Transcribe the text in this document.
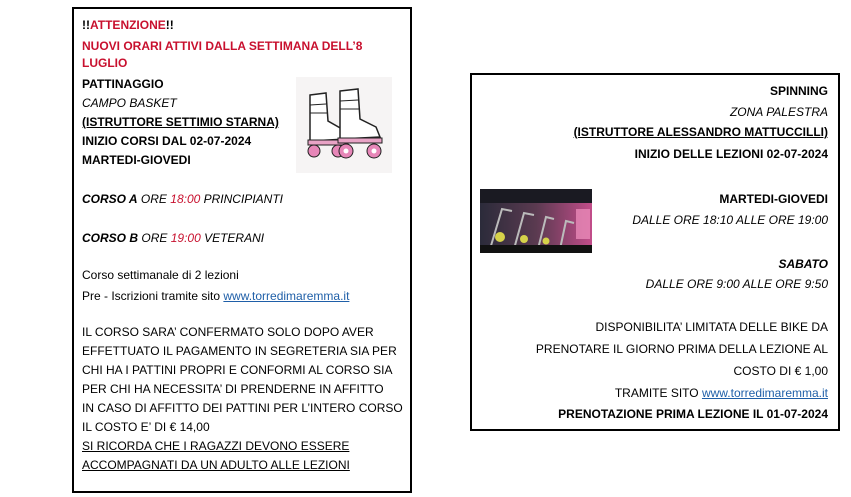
!!ATTENZIONE!!
NUOVI ORARI ATTIVI DALLA SETTIMANA DELL’8
LUGLIO
PATTINAGGIO
CAMPO BASKET
(ISTRUTTORE SETTIMIO STARNA)
INIZIO CORSI DAL 02-07-2024
MARTEDI-GIOVEDI
CORSO A ORE 18:00 PRINCIPIANTI
CORSO B ORE 19:00 VETERANI
Corso settimanale di 2 lezioni
Pre - Iscrizioni tramite sito www.torredimaremma.it
IL CORSO SARA’ CONFERMATO SOLO DOPO AVER
EFFETTUATO IL PAGAMENTO IN SEGRETERIA SIA PER
CHI HA I PATTINI PROPRI E CONFORMI AL CORSO SIA
PER CHI HA NECESSITA’ DI PRENDERNE IN AFFITTO
IN CASO DI AFFITTO DEI PATTINI PER L’INTERO CORSO
IL COSTO E’ DI € 14,00
SI RICORDA CHE I RAGAZZI DEVONO ESSERE
ACCOMPAGNATI DA UN ADULTO ALLE LEZIONI
SPINNING
ZONA PALESTRA
(ISTRUTTORE ALESSANDRO MATTUCCILLI)
INIZIO DELLE LEZIONI 02-07-2024
MARTEDI-GIOVEDI
DALLE ORE 18:10 ALLE ORE 19:00
SABATO
DALLE ORE 9:00 ALLE ORE 9:50
DISPONIBILITA’ LIMITATA DELLE BIKE DA
PRENOTARE IL GIORNO PRIMA DELLA LEZIONE AL
COSTO DI € 1,00
TRAMITE SITO www.torredimaremma.it
PRENOTAZIONE PRIMA LEZIONE IL 01-07-2024
